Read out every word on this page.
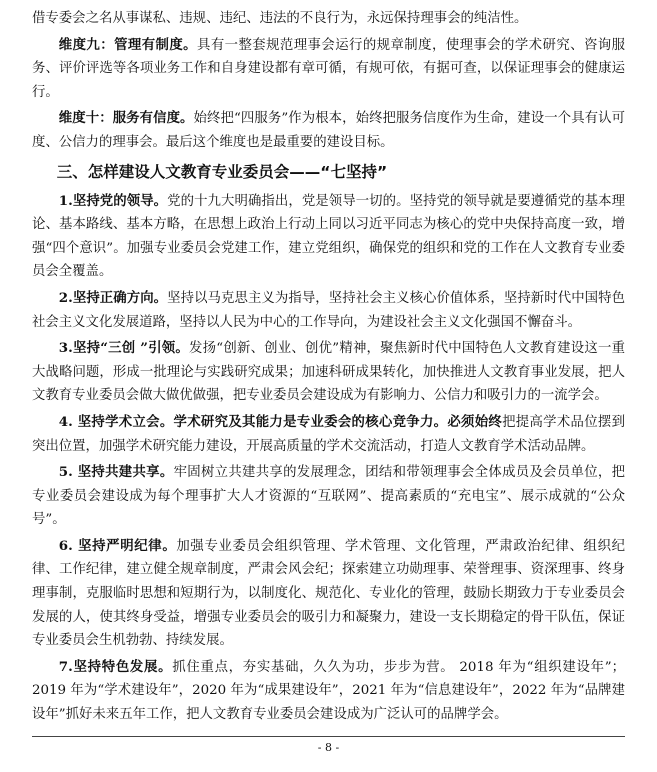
借专委会之名从事谋私、违规、违纪、违法的不良行为，永远保持理事会的纯洁性。

维度九：管理有制度。具有一整套规范理事会运行的规章制度，使理事会的学术研究、咨询服务、评价评选等各项业务工作和自身建设都有章可循，有规可依，有据可查，以保证理事会的健康运行。

维度十：服务有信度。始终把“四服务”作为根本，始终把服务信度作为生命，建设一个具有认可度、公信力的理事会。最后这个维度也是最重要的建设目标。

三、怎样建设人文教育专业委员会——“七坚持”

1.坚持党的领导。党的十九大明确指出，党是领导一切的。坚持党的领导就是要遵循党的基本理论、基本路线、基本方略，在思想上政治上行动上同以习近平同志为核心的党中央保持高度一致，增强“四个意识”。加强专业委员会党建工作，建立党组织，确保党的组织和党的工作在人文教育专业委员会全覆盖。

2.坚持正确方向。坚持以马克思主义为指导，坚持社会主义核心价值体系，坚持新时代中国特色社会主义文化发展道路，坚持以人民为中心的工作导向，为建设社会主义文化强国不懈奋斗。

3.坚持“三创 ”引领。发扬“创新、创业、创优”精神，聚焦新时代中国特色人文教育建设这一重大战略问题，形成一批理论与实践研究成果；加速科研成果转化，加快推进人文教育事业发展，把人文教育专业委员会做大做优做强，把专业委员会建设成为有影响力、公信力和吸引力的一流学会。

4. 坚持学术立会。学术研究及其能力是专业委会的核心竞争力。必须始终把提高学术品位摆到突出位置，加强学术研究能力建设，开展高质量的学术交流活动，打造人文教育学术活动品牌。

5. 坚持共建共享。牢固树立共建共享的发展理念，团结和带领理事会全体成员及会员单位，把专业委员会建设成为每个理事扩大人才资源的“互联网”、提高素质的“充电宝”、展示成就的“公众号”。

6. 坚持严明纪律。加强专业委员会组织管理、学术管理、文化管理，严肃政治纪律、组织纪律、工作纪律，建立健全规章制度，严肃会风会纪；探索建立功勋理事、荣誉理事、资深理事、终身理事制，克服临时思想和短期行为，以制度化、规范化、专业化的管理，鼓励长期致力于专业委员会发展的人，使其终身受益，增强专业委员会的吸引力和凝聚力，建设一支长期稳定的骨干队伍，保证专业委员会生机勃勃、持续发展。

7.坚持特色发展。抓住重点，夯实基础，久久为功，步步为营。 2018 年为“组织建设年”；2019 年为“学术建设年”，2020 年为“成果建设年”，2021 年为“信息建设年”，2022 年为“品牌建设年”抓好未来五年工作，把人文教育专业委员会建设成为广泛认可的品牌学会。

- 8 -
